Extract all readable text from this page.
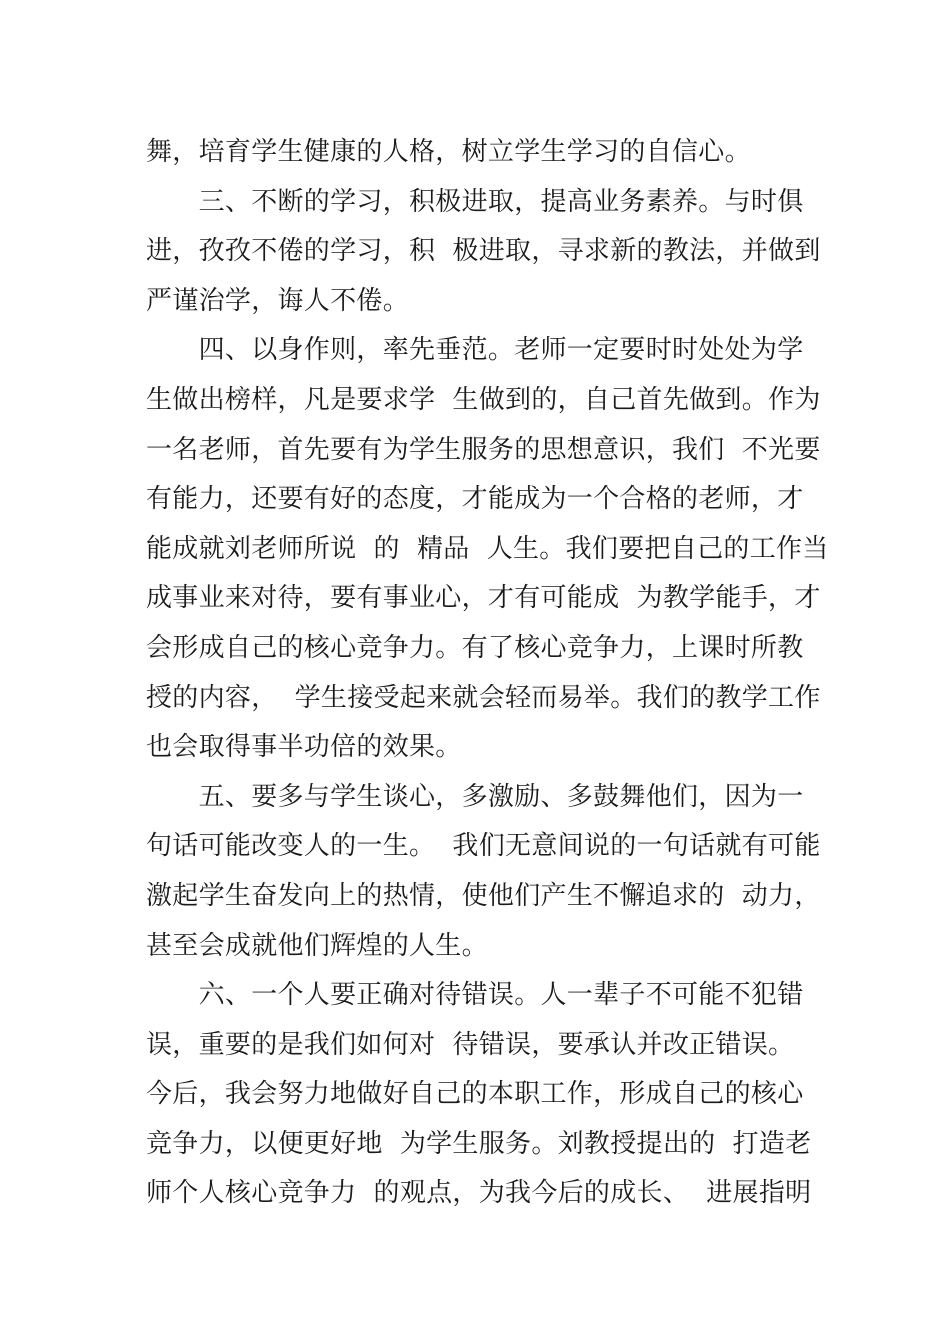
舞，培育学生健康的人格，树立学生学习的自信心。
　　三、不断的学习，积极进取，提高业务素养。与时俱
进，孜孜不倦的学习，积  极进取，寻求新的教法，并做到
严谨治学，诲人不倦。
　　四、以身作则，率先垂范。老师一定要时时处处为学
生做出榜样，凡是要求学  生做到的，自己首先做到。作为
一名老师，首先要有为学生服务的思想意识，我们  不光要
有能力，还要有好的态度，才能成为一个合格的老师，才
能成就刘老师所说  的  精品  人生。我们要把自己的工作当
成事业来对待，要有事业心，才有可能成  为教学能手，才
会形成自己的核心竞争力。有了核心竞争力，上课时所教
授的内容，  学生接受起来就会轻而易举。我们的教学工作
也会取得事半功倍的效果。
　　五、要多与学生谈心，多激励、多鼓舞他们，因为一
句话可能改变人的一生。  我们无意间说的一句话就有可能
激起学生奋发向上的热情，使他们产生不懈追求的  动力，
甚至会成就他们辉煌的人生。
　　六、一个人要正确对待错误。人一辈子不可能不犯错
误，重要的是我们如何对  待错误，要承认并改正错误。
今后，我会努力地做好自己的本职工作，形成自己的核心
竞争力，以便更好地  为学生服务。刘教授提出的  打造老
师个人核心竞争力  的观点，为我今后的成长、  进展指明
